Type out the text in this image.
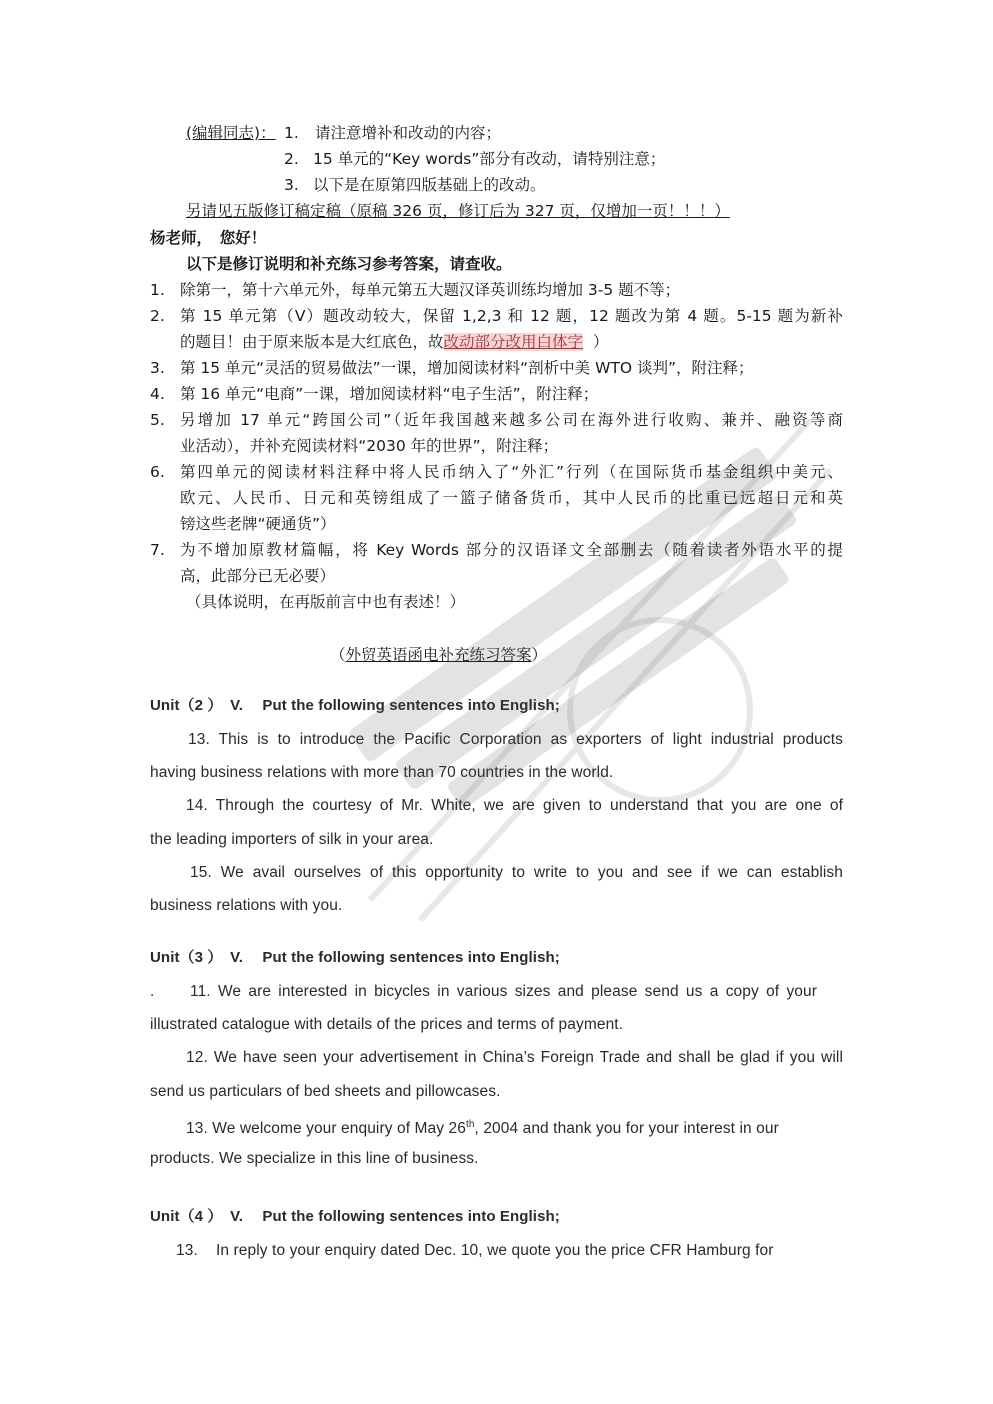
(编辑同志)： 1. 请注意增补和改动的内容；
2. 15 单元的“Key words”部分有改动，请特别注意；
3. 以下是在原第四版基础上的改动。
另请见五版修订稿定稿（原稿 326 页，修订后为 327 页，仅增加一页！！！）
杨老师，　您好！
以下是修订说明和补充练习参考答案，请查收。
1. 除第一，第十六单元外，每单元第五大题汉译英训练均增加 3-5 题不等；
2. 第 15 单元第（V）题改动较大，保留 1,2,3 和 12 题，12 题改为第 4 题。5-15 题为新补
的题目！由于原来版本是大红底色，故改动部分改用白体字 ）
3. 第 15 单元“灵活的贸易做法”一课，增加阅读材料“剖析中美 WTO 谈判”，附注释；
4. 第 16 单元“电商”一课，增加阅读材料“电子生活”，附注释；
5. 另增加 17 单元“跨国公司”（近年我国越来越多公司在海外进行收购、兼并、融资等商
业活动），并补充阅读材料“2030 年的世界”，附注释；
6. 第四单元的阅读材料注释中将人民币纳入了“外汇”行列（在国际货币基金组织中美元、
欧元、人民币、日元和英镑组成了一篮子储备货币，其中人民币的比重已远超日元和英
镑这些老牌“硬通货”）
7. 为不增加原教材篇幅，将 Key Words 部分的汉语译文全部删去（随着读者外语水平的提
高，此部分已无必要）
（具体说明，在再版前言中也有表述！）
（外贸英语函电补充练习答案）
Unit（2 ）　V.　 Put the following sentences into English;
13. This is to introduce the Pacific Corporation as exporters of light industrial products
having business relations with more than 70 countries in the world.
14. Through the courtesy of Mr. White, we are given to understand that you are one of
the leading importers of silk in your area.
15. We avail ourselves of this opportunity to write to you and see if we can establish
business relations with you.
Unit（3 ）　V.　 Put the following sentences into English;
. 11. We are interested in bicycles in various sizes and please send us a copy of your
illustrated catalogue with details of the prices and terms of payment.
12. We have seen your advertisement in China’s Foreign Trade and shall be glad if you will
send us particulars of bed sheets and pillowcases.
13. We welcome your enquiry of May 26th, 2004 and thank you for your interest in our
products. We specialize in this line of business.
Unit（4 ）　V.　 Put the following sentences into English;
13. In reply to your enquiry dated Dec. 10, we quote you the price CFR Hamburg for
